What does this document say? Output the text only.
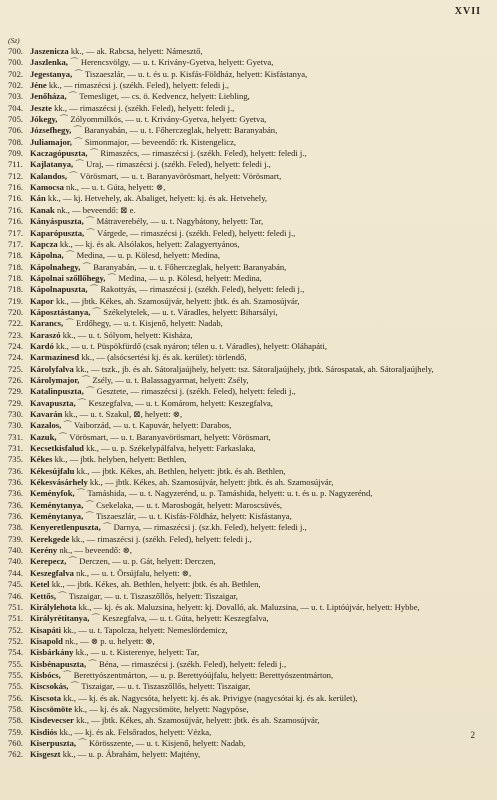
XVII
(Sz)
700. Jaszenicza kk., — ak. Rabcsa, helyett: Námesztő,
700. Jaszlenka, ⌒ Herencsvölgy, — u. t. Krivány-Gyetva, helyett: Gyetva,
702. Jegestanya, ⌒ Tiszaeszlár, — u. t. és u. p. Kisfás-Földház, helyett: Kisfástanya,
702. Jéne kk., — rimaszécsi j. (székh. Feled), helyett: feledi j.,
703. Jenőháza, ⌒ Temesliget, — cs. ö. Kedvencz, helyett: Liebling,
704. Jeszte kk., — rimaszécsi j. (székh. Feled), helyett: feledi j.,
705. Jókegy, ⌒ Zólyommilkós, — u. t. Krivány-Gyetva, helyett: Gyetva,
706. Józsefhegy, ⌒ Baranyabán, — u. t. Főherczeglak, helyett: Baranyabán,
708. Juliamajor, ⌒ Simonmajor, — beveendő: rk. Kistengelicz,
709. Kaczagópuszta, ⌒ Rimaszécs, — rimaszécsi j. (székh. Feled), helyett: feledi j.,
711. Kajlatanya, ⌒ Uraj, — rimaszécsi j. (székh. Feled), helyett: feledi j.,
712. Kalandos, ⌒ Vörösmart, — u. t. Baranyavörösmart, helyett: Vörösmart,
716. Kamocsa nk., — u. t. Gúta, helyett: ⊗,
716. Kán kk., — kj. Hetvehely, ak. Abaliget, helyett: kj. és ak. Hetvehely,
716. Kanak nk., — beveendő: ⊠ e.
716. Kányáspuszta, ⌒ Mátraverebély, — u. t. Nagybátony, helyett: Tar,
717. Kaparópuszta, ⌒ Várgede, — rimaszécsi j. (székh. Feled), helyett: feledi j.,
717. Kapcza kk., — kj. és ak. Alsólakos, helyett: Zalagyertyános,
718. Kápolna, ⌒ Medina, — u. p. Kölesd, helyett: Medina,
718. Kápolnahegy, ⌒ Baranyabán, — u. t. Főherczeglak, helyett: Baranyabán,
718. Kápolnai szőllőhegy, ⌒ Medina, — u. p. Kölesd, helyett: Medina,
718. Kápolnapuszta, ⌒ Rakottyás, — rimaszécsi j. (székh. Feled), helyett: feledi j.,
719. Kapor kk., — jbtk. Kékes, ah. Szamosújvár, helyett: jbtk. és ah. Szamosújvár,
720. Káposztástanya, ⌒ Székelytelek, — u. t. Váradles, helyett: Biharsályi,
722. Karancs, ⌒ Erdőhegy, — u. t. Kisjenő, helyett: Nadab,
723. Karaszó kk., — u. t. Sólyom, helyett: Kisháza,
724. Kardó kk., — u. t. Püspökfürdő (csak nyáron; télen u. t. Váradles), helyett: Oláhapáti,
724. Karmazinesd kk., — (alsócsertési kj. és ak. kerület): törlendő,
725. Károlyfalva kk., — tszk., jb. és ah. Sátoraljaújhely, helyett: tsz. Sátoraljaújhely, jbtk. Sárospatak, ah. Sátoraljaújhely,
726. Károlymajor, ⌒ Zsély, — u. t. Balassagyarmat, helyett: Zsély,
729. Katalinpuszta, ⌒ Gesztete, — rimaszécsi j. (székh. Feled), helyett: feledi j.,
729. Kavapuszta, ⌒ Keszegfalva, — u. t. Komárom, helyett: Keszegfalva,
730. Kavarán kk., — u. t. Szakul, ⊠, helyett: ⊗,
730. Kazalos, ⌒ Vaiborzád, — u. t. Kapuvár, helyett: Darabos,
731. Kazuk, ⌒ Vörösmart, — u. t. Baranyavörösmart, helyett: Vörösmart,
731. Kecsetkisfalud kk., — u. p. Székelypálfalva, helyett: Farkaslaka,
735. Kékes kk., — jbtk. helyben, helyett: Bethlen,
736. Kékesújfalu kk., — jbtk. Kékes, ah. Bethlen, helyett: jbtk. és ah. Bethlen,
736. Kékesvásárhely kk., — jbtk. Kékes, ah. Szamosújvár, helyett: jbtk. és ah. Szamosújvár,
736. Keményfok, ⌒ Tamáshida, — u. t. Nagyzerénd, u. p. Tamáshida, helyett: u. t. és u. p. Nagyzerénd,
736. Keménytanya, ⌒ Csekelaka, — u. t. Marosbogát, helyett: Maroscsüvés,
736. Keménytanya, ⌒ Tiszaeszlár, — u. t. Kisfás-Földház, helyett: Kisfástanya,
738. Kenyeretlenpuszta, ⌒ Darnya, — rimaszécsi j. (sz.kh. Feled), helyett: feledi j.,
739. Kerekgede kk., — rimaszécsi j. (székh. Feled), helyett: feledi j.,
740. Kerény nk., — beveendő: ⊗,
740. Kerepecz, ⌒ Derczen, — u. p. Gát, helyett: Derczen,
744. Keszegfalva nk., — u. t. Örsújfalu, helyett: ⊗,
745. Ketel kk., — jbtk. Kékes, ah. Bethlen, helyett: jbtk. és ah. Bethlen,
746. Kettős, ⌒ Tiszaigar, — u. t. Tiszaszőllős, helyett: Tiszaigar,
751. Királylehota kk., — kj. és ak. Maluzsina, helyett: kj. Dovalló, ak. Maluzsina, — u. t. Liptóújvár, helyett: Hybbe,
751. Királyrétitanya, ⌒ Keszegfalva, — u. t. Gúta, helyett: Keszegfalva,
752. Kisapáti kk., — u. t. Tapolcza, helyett: Nemeslördemicz,
752. Kisapold nk., — ⊗ p. u. helyett: ⊗,
754. Kisbárkány kk., — u. t. Kisterenye, helyett: Tar,
755. Kisbénapuszta, ⌒ Béna, — rimaszécsi j. (székh. Feled), helyett: feledi j.,
755. Kisbócs, ⌒ Berettyószentmárton, — u. p. Berettyóújfalu, helyett: Berettyószentmárton,
755. Kiscsokás, ⌒ Tiszaigar, — u. t. Tiszaszőllős, helyett: Tiszaigar,
756. Kiscsota kk., — kj. és ak. Nagycsóta, helyett: kj. és ak. Privigye (nagycsótai kj. és ak. kerület),
758. Kiscsömöte kk., — kj. és ak. Nagycsömöte, helyett: Nagypöse,
758. Kisdevecser kk., — jbtk. Kékes, ah. Szamosújvár, helyett: jbtk. és ah. Szamosújvár,
759. Kisdiós kk., — kj. és ak. Felsőrados, helyett: Vézka,
760. Kiserpuszta, ⌒ Körösszente, — u. t. Kisjenő, helyett: Nadab,
762. Kisgeszt kk., — u. p. Ábrahám, helyett: Majtény,
2
